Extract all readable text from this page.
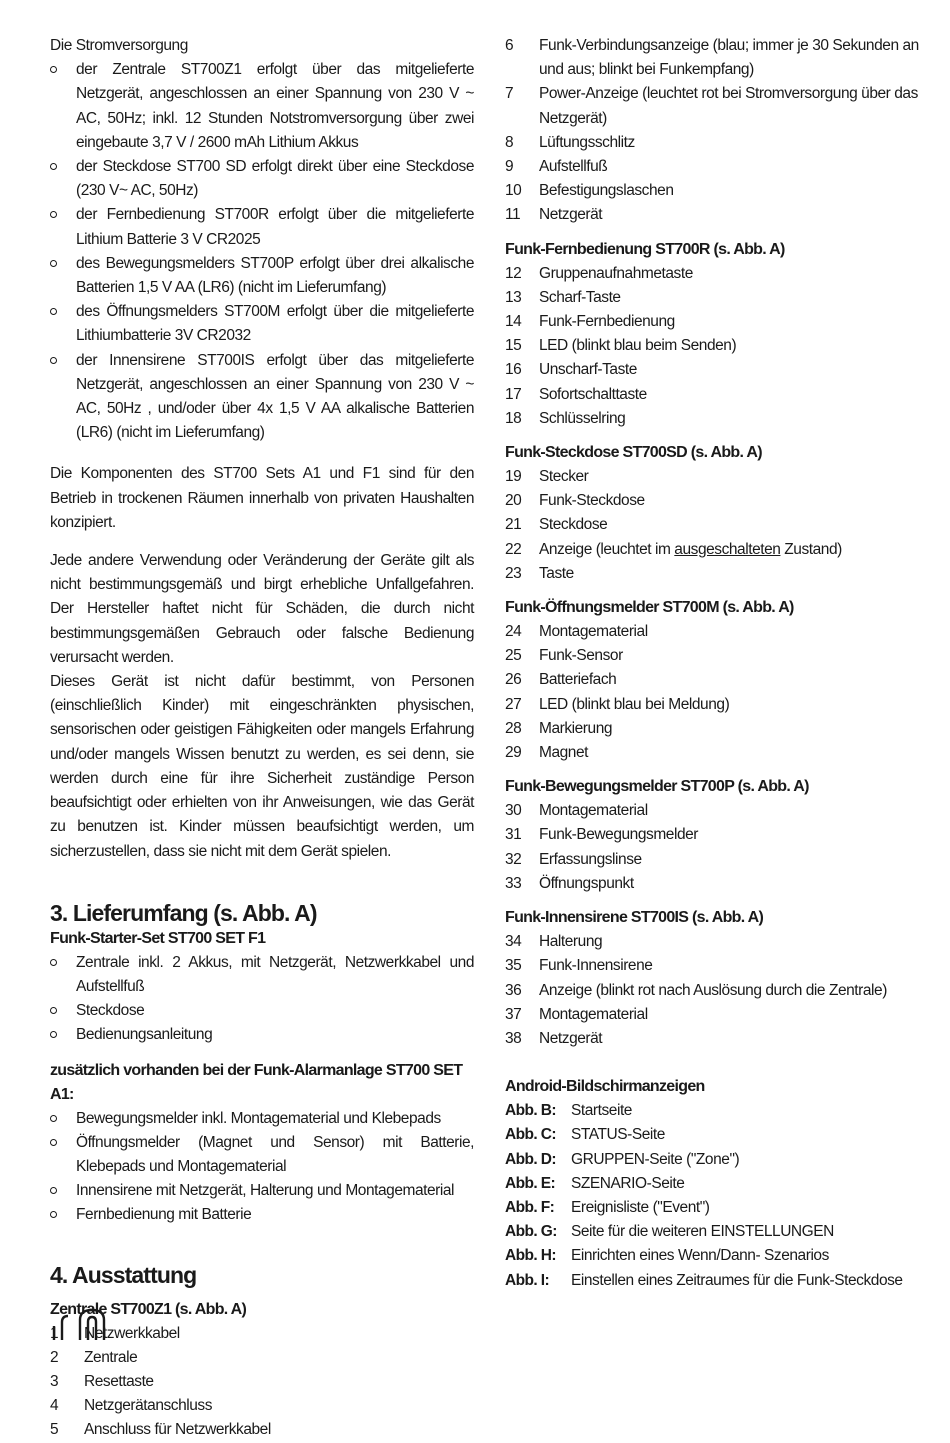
Die Stromversorgung
der Zentrale ST700Z1 erfolgt über das mitgelieferte Netzgerät, angeschlossen an einer Spannung von 230 V ~ AC, 50Hz; inkl. 12 Stunden Notstromversorgung über zwei eingebaute 3,7 V / 2600 mAh Lithium Akkus
der Steckdose ST700 SD erfolgt direkt über eine Steckdose (230 V~ AC, 50Hz)
der Fernbedienung ST700R erfolgt über die mitgelieferte Lithium Batterie 3 V CR2025
des Bewegungsmelders ST700P erfolgt über drei alkalische Batterien 1,5 V AA (LR6) (nicht im Lieferumfang)
des Öffnungsmelders ST700M erfolgt über die mitgelieferte Lithiumbatterie 3V CR2032
der Innensirene ST700IS erfolgt über das mitgelieferte Netzgerät, angeschlossen an einer Spannung von 230 V ~ AC, 50Hz , und/oder über 4x 1,5 V AA alkalische Batterien (LR6) (nicht im Lieferumfang)
Die Komponenten des ST700 Sets A1 und F1 sind für den Betrieb in trockenen Räumen innerhalb von privaten Haushalten konzipiert.
Jede andere Verwendung oder Veränderung der Geräte gilt als nicht bestimmungsgemäß und birgt erhebliche Unfallgefahren. Der Hersteller haftet nicht für Schäden, die durch nicht bestimmungsgemäßen Gebrauch oder falsche Bedienung verursacht werden.
Dieses Gerät ist nicht dafür bestimmt, von Personen (einschließlich Kinder) mit eingeschränkten physischen, sensorischen oder geistigen Fähigkeiten oder mangels Erfahrung und/oder mangels Wissen benutzt zu werden, es sei denn, sie werden durch eine für ihre Sicherheit zuständige Person beaufsichtigt oder erhielten von ihr Anweisungen, wie das Gerät zu benutzen ist. Kinder müssen beaufsichtigt werden, um sicherzustellen, dass sie nicht mit dem Gerät spielen.
3. Lieferumfang (s. Abb. A)
Funk-Starter-Set ST700 SET F1
Zentrale inkl. 2 Akkus, mit Netzgerät, Netzwerkkabel und Aufstellfuß
Steckdose
Bedienungsanleitung
zusätzlich vorhanden bei der Funk-Alarmanlage ST700 SET A1:
Bewegungsmelder inkl. Montagematerial und Klebepads
Öffnungsmelder (Magnet und Sensor) mit Batterie, Klebepads und Montagematerial
Innensirene mit Netzgerät, Halterung und Montagematerial
Fernbedienung mit Batterie
4. Ausstattung
Zentrale ST700Z1 (s. Abb. A)
1	Netzwerkkabel
2	Zentrale
3	Resettaste
4	Netzgerätanschluss
5	Anschluss für Netzwerkkabel
6	Funk-Verbindungsanzeige (blau; immer je 30 Sekunden an und aus; blinkt bei Funkempfang)
7	Power-Anzeige (leuchtet rot bei Stromversorgung über das Netzgerät)
8	Lüftungsschlitz
9	Aufstellfuß
10	Befestigungslaschen
11	Netzgerät
Funk-Fernbedienung ST700R (s. Abb. A)
12	Gruppenaufnahmetaste
13	Scharf-Taste
14	Funk-Fernbedienung
15	LED (blinkt blau beim Senden)
16	Unscharf-Taste
17	Sofortschalttaste
18	Schlüsselring
Funk-Steckdose ST700SD (s. Abb. A)
19	Stecker
20	Funk-Steckdose
21	Steckdose
22	Anzeige (leuchtet im ausgeschalteten Zustand)
23	Taste
Funk-Öffnungsmelder ST700M (s. Abb. A)
24	Montagematerial
25	Funk-Sensor
26	Batteriefach
27	LED (blinkt blau bei Meldung)
28	Markierung
29	Magnet
Funk-Bewegungsmelder ST700P (s. Abb. A)
30	Montagematerial
31	Funk-Bewegungsmelder
32	Erfassungslinse
33	Öffnungspunkt
Funk-Innensirene ST700IS (s. Abb. A)
34	Halterung
35	Funk-Innensirene
36	Anzeige (blinkt rot nach Auslösung durch die Zentrale)
37	Montagematerial
38	Netzgerät
Android-Bildschirmanzeigen
Abb. B: Startseite
Abb. C: STATUS-Seite
Abb. D: GRUPPEN-Seite ("Zone")
Abb. E:	SZENARIO-Seite
Abb. F:	Ereignisliste ("Event")
Abb. G: Seite für die weiteren EINSTELLUNGEN
Abb. H: Einrichten eines Wenn/Dann- Szenarios
Abb. I:	Einstellen eines Zeitraumes für die Funk-Steckdose
